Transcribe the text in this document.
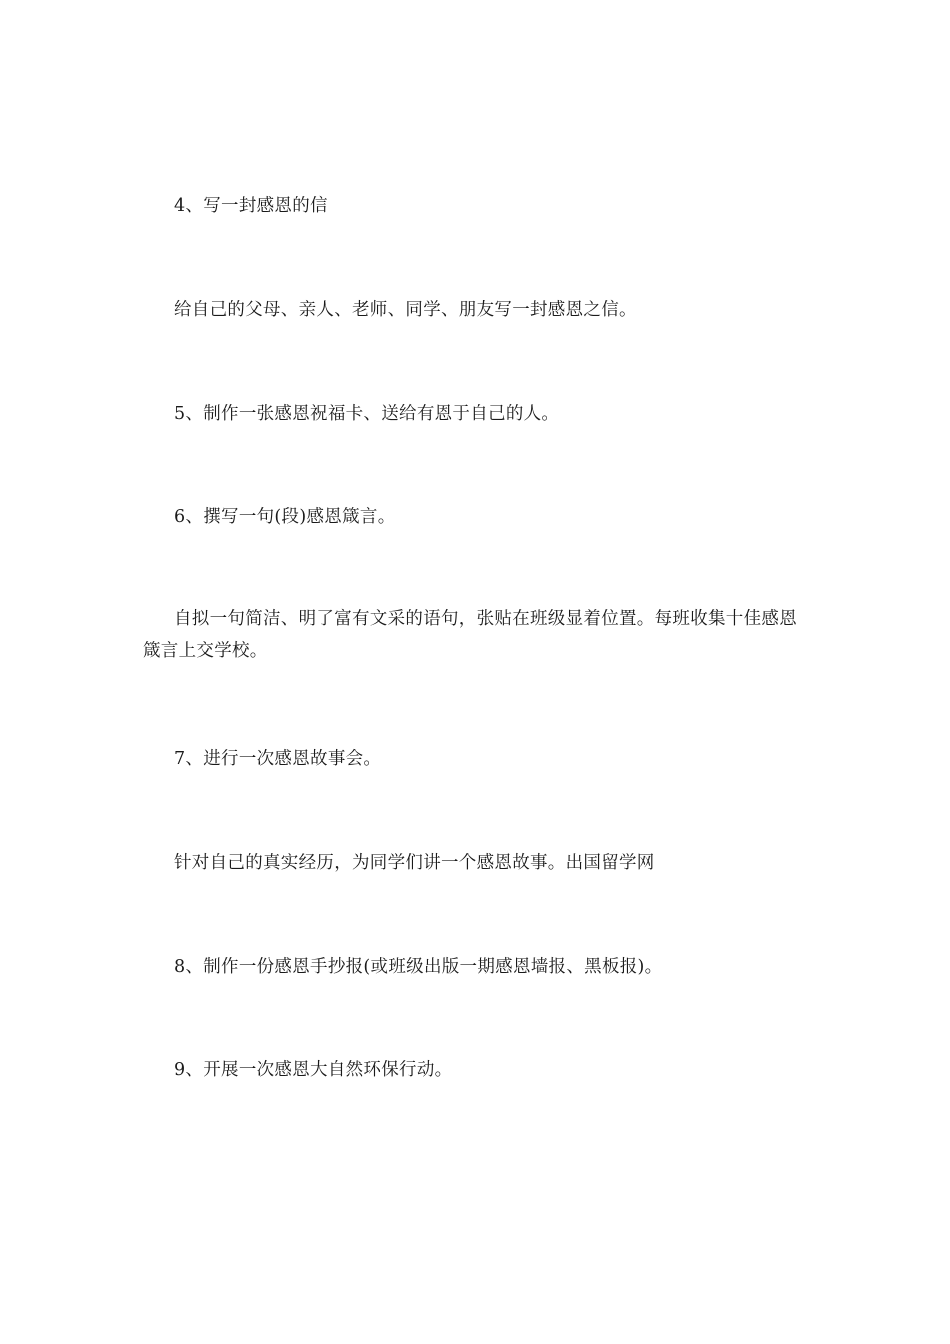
4、写一封感恩的信

给自己的父母、亲人、老师、同学、朋友写一封感恩之信。

5、制作一张感恩祝福卡、送给有恩于自己的人。

6、撰写一句(段)感恩箴言。

自拟一句简洁、明了富有文采的语句，张贴在班级显着位置。每班收集十佳感恩箴言上交学校。

7、进行一次感恩故事会。

针对自己的真实经历，为同学们讲一个感恩故事。出国留学网

8、制作一份感恩手抄报(或班级出版一期感恩墙报、黑板报)。

9、开展一次感恩大自然环保行动。
